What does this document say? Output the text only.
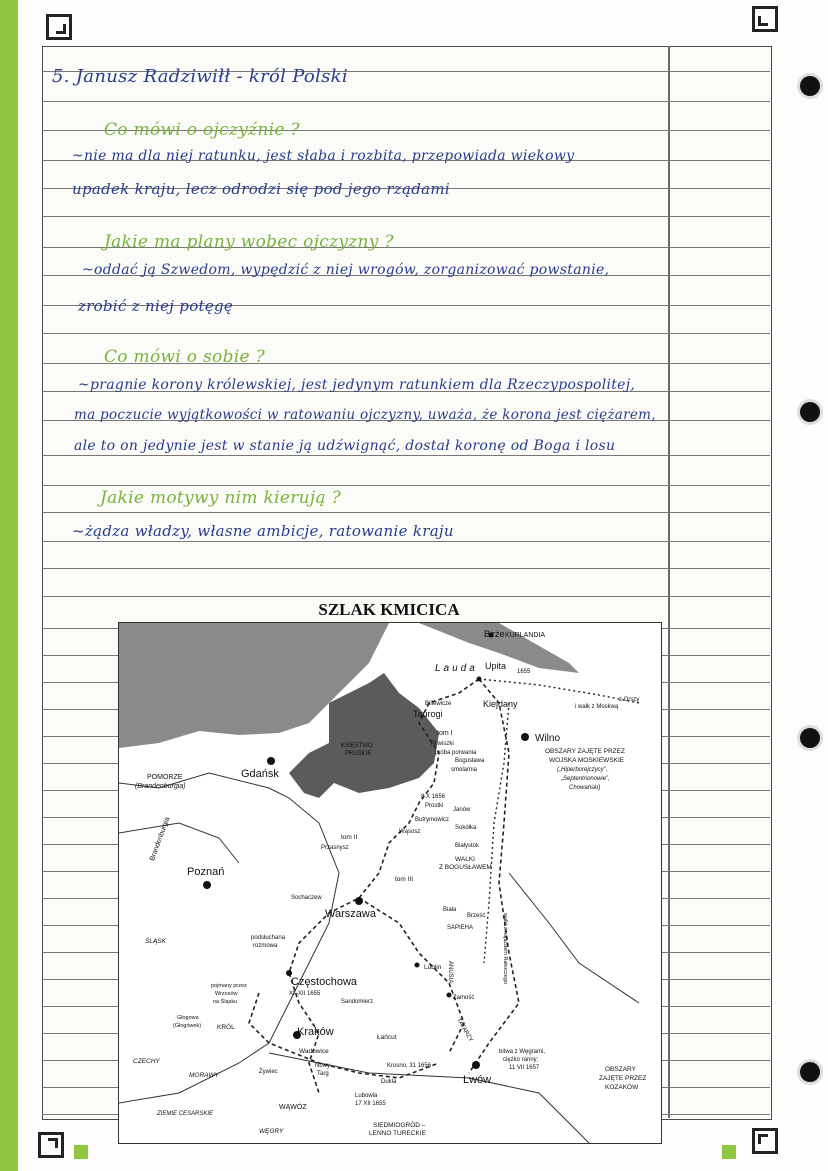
5. Janusz Radziwiłł - król Polski
Co mówi o ojczyźnie ?
~nie ma dla niej ratunku, jest słaba i rozbita, przepowiada wiekowy
upadek kraju, lecz odrodzi się pod jego rządami
Jakie ma plany wobec ojczyzny ?
~oddać ją Szwedom, wypędzić z niej wrogów, zorganizować powstanie,
zrobić z niej potęgę
Co mówi o sobie ?
~pragnie korony królewskiej, jest jedynym ratunkiem dla Rzeczypospolitej,
ma poczucie wyjątkowości w ratowaniu ojczyzny, uważa, że korona jest ciężarem,
ale to on jedynie jest w stanie ją udźwignąć, dostał koronę od Boga i losu
Jakie motywy nim kierują ?
~żądza władzy, własne ambicje, ratowanie kraju
SZLAK KMICICA
Birże KURLANDIA
Lauda Upita
1655
Billewicze
Taurogi
Kiejdany	z Orszy
i walk z Moskwą
Wilno
tom I
Pilwiszki
próba porwania
Bogusława
smolarnia
KSIĘSTWO
PRUSKIE	OBSZARY ZAJĘTE PRZEZ
WOJSKA MOSKIEWSKIE
(„Hiperborejczycy”,
„Septentrionowie”,
Chowański)
Gdańsk
POMORZE
(Brandenburgia)
8 X 1656
Prostki
Janów
Butrymowicz
Wąsosz
Sokółka
tom II
Przasnysz	Białystok
WALKI
Z BOGUSŁAWEM
Brandenburgia
Poznań
tom III
Sochaczew
Warszawa	Biała
Brześć
SAPIEHA
ANUSIA	walki z najazdem Rakoczego
ŚLĄSK	podsłuchana
rozmowa
Częstochowa
XI–XII 1655
Lublin
pojmany przez
Wrzosów
na Śląsku	Sandomierz
Zamość
Głogowa
(Głogówek) KRÓL	TATARZY
Kraków	Łańcut
bitwa z Węgrami,
ciężko ranny;
11 VII 1657
CZECHY
Wadowice
MORAWY
Nowy
Targ
Żywiec
Krosno, 31 1656
Dukla	Lwów
OBSZARY
ZAJĘTE PRZEZ
KOZAKÓW
ZIEMIE CESARSKIE
WĄWÓZ
Lubowla
17 XII 1655
SIEDMIOGRÓD –
LENNO TURECKIE
WĘGRY
